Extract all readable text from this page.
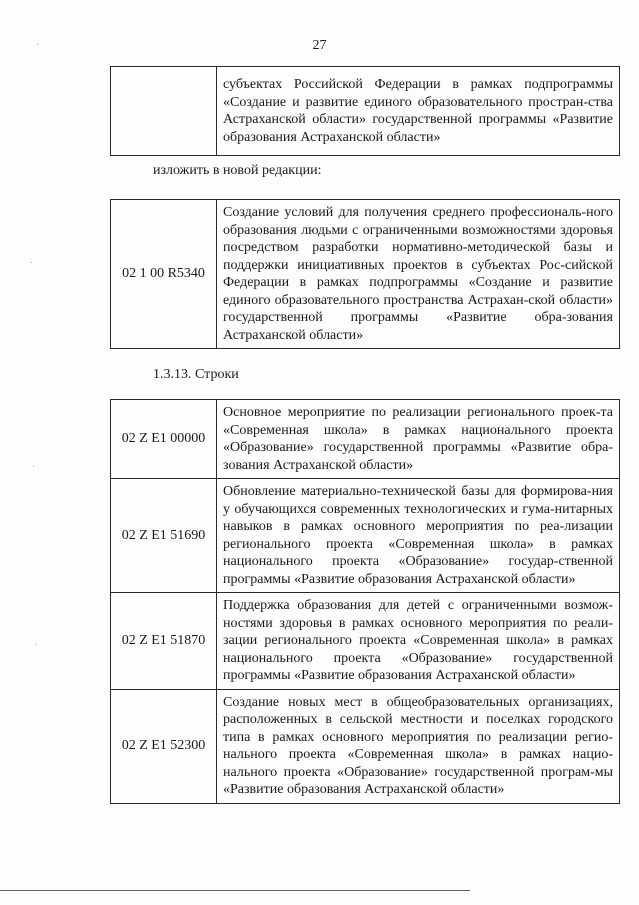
27
	субъектах Российской Федерации в рамках подпрограммы «Создание и развитие единого образовательного простран-ства Астраханской области» государственной программы «Развитие образования Астраханской области»
изложить в новой редакции:
02 1 00 R5340	Создание условий для получения среднего профессиональ-ного образования людьми с ограниченными возможностями здоровья посредством разработки нормативно-методической базы и поддержки инициативных проектов в субъектах Рос-сийской Федерации в рамках подпрограммы «Создание и развитие единого образовательного пространства Астрахан-ской области» государственной программы «Развитие обра-зования Астраханской области»
1.3.13. Строки
02 Z E1 00000	Основное мероприятие по реализации регионального проек-та «Современная школа» в рамках национального проекта «Образование» государственной программы «Развитие обра-зования Астраханской области»
02 Z E1 51690	Обновление материально-технической базы для формирова-ния у обучающихся современных технологических и гума-нитарных навыков в рамках основного мероприятия по реа-лизации регионального проекта «Современная школа» в рамках национального проекта «Образование» государ-ственной программы «Развитие образования Астраханской области»
02 Z E1 51870	Поддержка образования для детей с ограниченными возмож-ностями здоровья в рамках основного мероприятия по реали-зации регионального проекта «Современная школа» в рамках национального проекта «Образование» государственной программы «Развитие образования Астраханской области»
02 Z E1 52300	Создание новых мест в общеобразовательных организациях, расположенных в сельской местности и поселках городского типа в рамках основного мероприятия по реализации регио-нального проекта «Современная школа» в рамках нацио-нального проекта «Образование» государственной програм-мы «Развитие образования Астраханской области»
·
·
·
·
